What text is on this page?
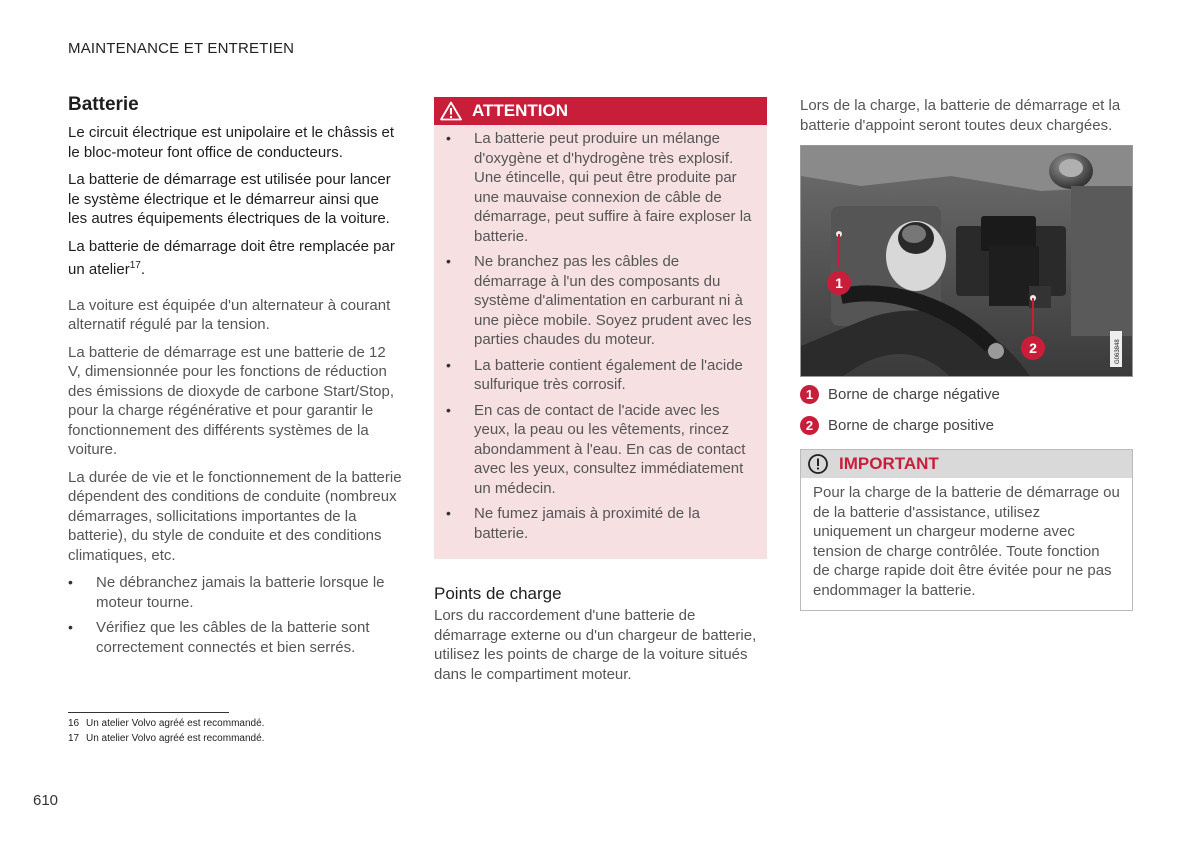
MAINTENANCE ET ENTRETIEN
Batterie

Le circuit électrique est unipolaire et le châssis et le bloc-moteur font office de conducteurs.

La batterie de démarrage est utilisée pour lancer le système électrique et le démarreur ainsi que les autres équipements électriques de la voiture.

La batterie de démarrage doit être remplacée par un atelier$^{17}$.

La voiture est équipée d'un alternateur à courant alternatif régulé par la tension.

La batterie de démarrage est une batterie de 12 V, dimensionnée pour les fonctions de réduction des émissions de dioxyde de carbone Start/Stop, pour la charge régénérative et pour garantir le fonctionnement des différents systèmes de la voiture.

La durée de vie et le fonctionnement de la batterie dépendent des conditions de conduite (nombreux démarrages, sollicitations importantes de la batterie), du style de conduite et des conditions climatiques, etc.

• Ne débranchez jamais la batterie lorsque le moteur tourne.
• Vérifiez que les câbles de la batterie sont correctement connectés et bien serrés.
ATTENTION
• La batterie peut produire un mélange d'oxygène et d'hydrogène très explosif. Une étincelle, qui peut être produite par une mauvaise connexion de câble de démarrage, peut suffire à faire exploser la batterie.
• Ne branchez pas les câbles de démarrage à l'un des composants du système d'alimentation en carburant ni à une pièce mobile. Soyez prudent avec les parties chaudes du moteur.
• La batterie contient également de l'acide sulfurique très corrosif.
• En cas de contact de l'acide avec les yeux, la peau ou les vêtements, rincez abondamment à l'eau. En cas de contact avec les yeux, consultez immédiatement un médecin.
• Ne fumez jamais à proximité de la batterie.
Points de charge

Lors du raccordement d'une batterie de démarrage externe ou d'un chargeur de batterie, utilisez les points de charge de la voiture situés dans le compartiment moteur.

Lors de la charge, la batterie de démarrage et la batterie d'appoint seront toutes deux chargées.

1
2	G063848
1 Borne de charge négative
2 Borne de charge positive
IMPORTANT
Pour la charge de la batterie de démarrage ou de la batterie d'assistance, utilisez uniquement un chargeur moderne avec tension de charge contrôlée. Toute fonction de charge rapide doit être évitée pour ne pas endommager la batterie.
16 Un atelier Volvo agréé est recommandé.
17 Un atelier Volvo agréé est recommandé.
610
